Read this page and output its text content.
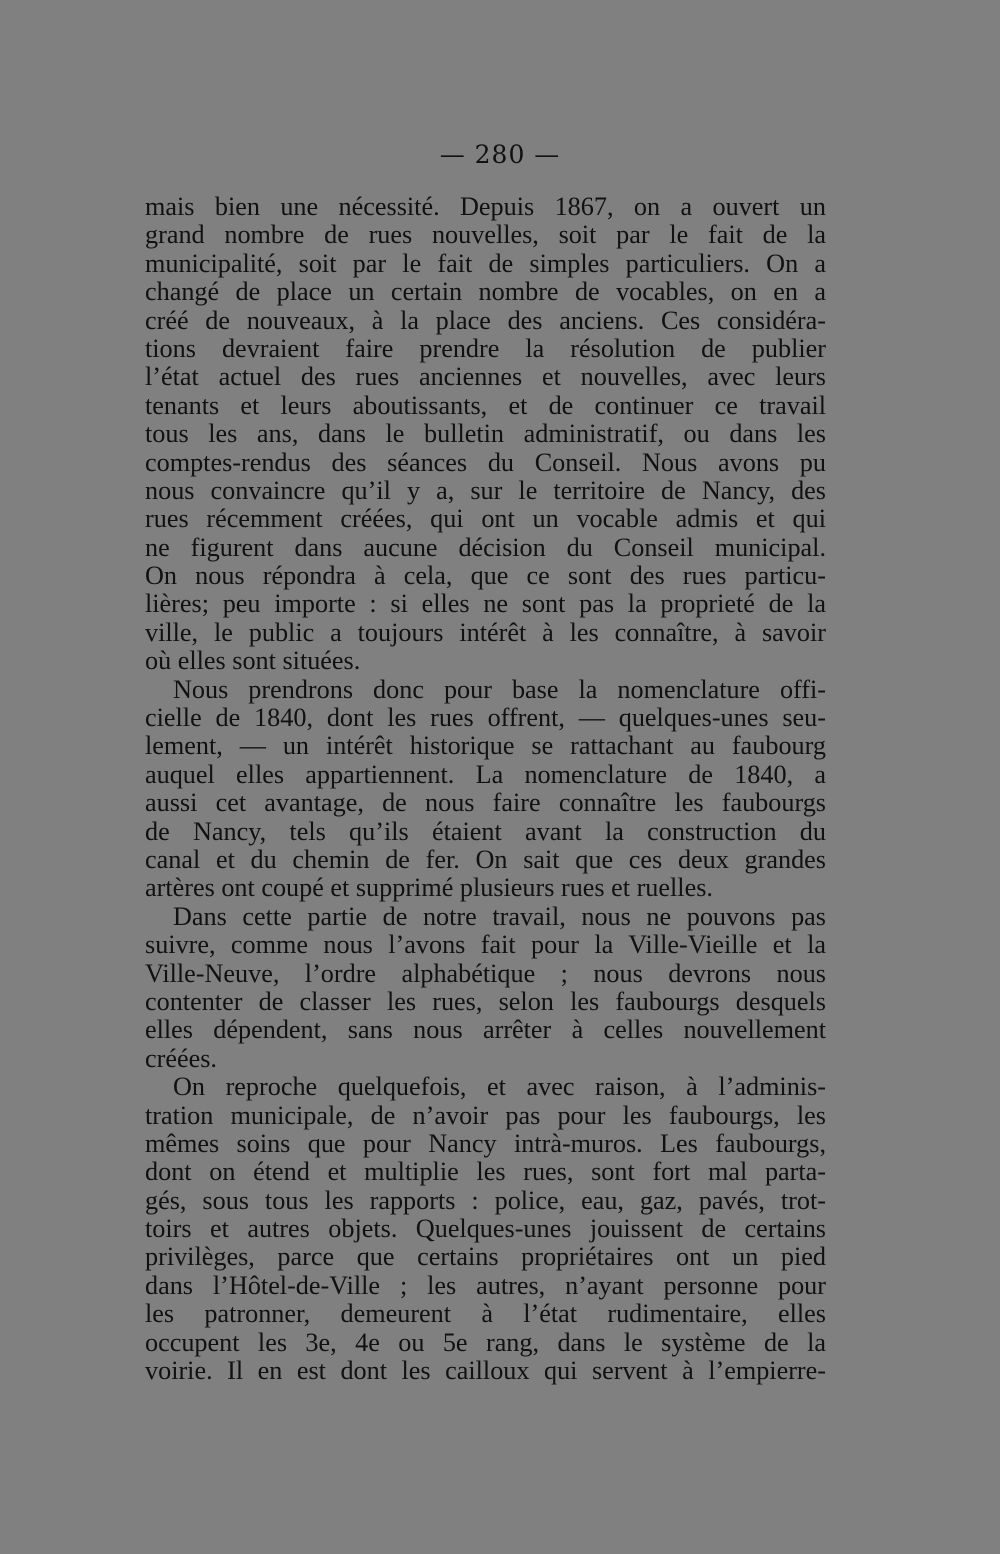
— 280 —
mais bien une nécessité. Depuis 1867, on a ouvert un
grand nombre de rues nouvelles, soit par le fait de la
municipalité, soit par le fait de simples particuliers. On a
changé de place un certain nombre de vocables, on en a
créé de nouveaux, à la place des anciens. Ces considéra-
tions devraient faire prendre la résolution de publier
l’état actuel des rues anciennes et nouvelles, avec leurs
tenants et leurs aboutissants, et de continuer ce travail
tous les ans, dans le bulletin administratif, ou dans les
comptes-rendus des séances du Conseil. Nous avons pu
nous convaincre qu’il y a, sur le territoire de Nancy, des
rues récemment créées, qui ont un vocable admis et qui
ne figurent dans aucune décision du Conseil municipal.
On nous répondra à cela, que ce sont des rues particu-
lières; peu importe : si elles ne sont pas la proprieté de la
ville, le public a toujours intérêt à les connaître, à savoir
où elles sont situées.
Nous prendrons donc pour base la nomenclature offi-
cielle de 1840, dont les rues offrent, — quelques-unes seu-
lement, — un intérêt historique se rattachant au faubourg
auquel elles appartiennent. La nomenclature de 1840, a
aussi cet avantage, de nous faire connaître les faubourgs
de Nancy, tels qu’ils étaient avant la construction du
canal et du chemin de fer. On sait que ces deux grandes
artères ont coupé et supprimé plusieurs rues et ruelles.
Dans cette partie de notre travail, nous ne pouvons pas
suivre, comme nous l’avons fait pour la Ville-Vieille et la
Ville-Neuve, l’ordre alphabétique ; nous devrons nous
contenter de classer les rues, selon les faubourgs desquels
elles dépendent, sans nous arrêter à celles nouvellement
créées.
On reproche quelquefois, et avec raison, à l’adminis-
tration municipale, de n’avoir pas pour les faubourgs, les
mêmes soins que pour Nancy intrà-muros. Les faubourgs,
dont on étend et multiplie les rues, sont fort mal parta-
gés, sous tous les rapports : police, eau, gaz, pavés, trot-
toirs et autres objets. Quelques-unes jouissent de certains
privilèges, parce que certains propriétaires ont un pied
dans l’Hôtel-de-Ville ; les autres, n’ayant personne pour
les patronner, demeurent à l’état rudimentaire, elles
occupent les 3e, 4e ou 5e rang, dans le système de la
voirie. Il en est dont les cailloux qui servent à l’empierre-
